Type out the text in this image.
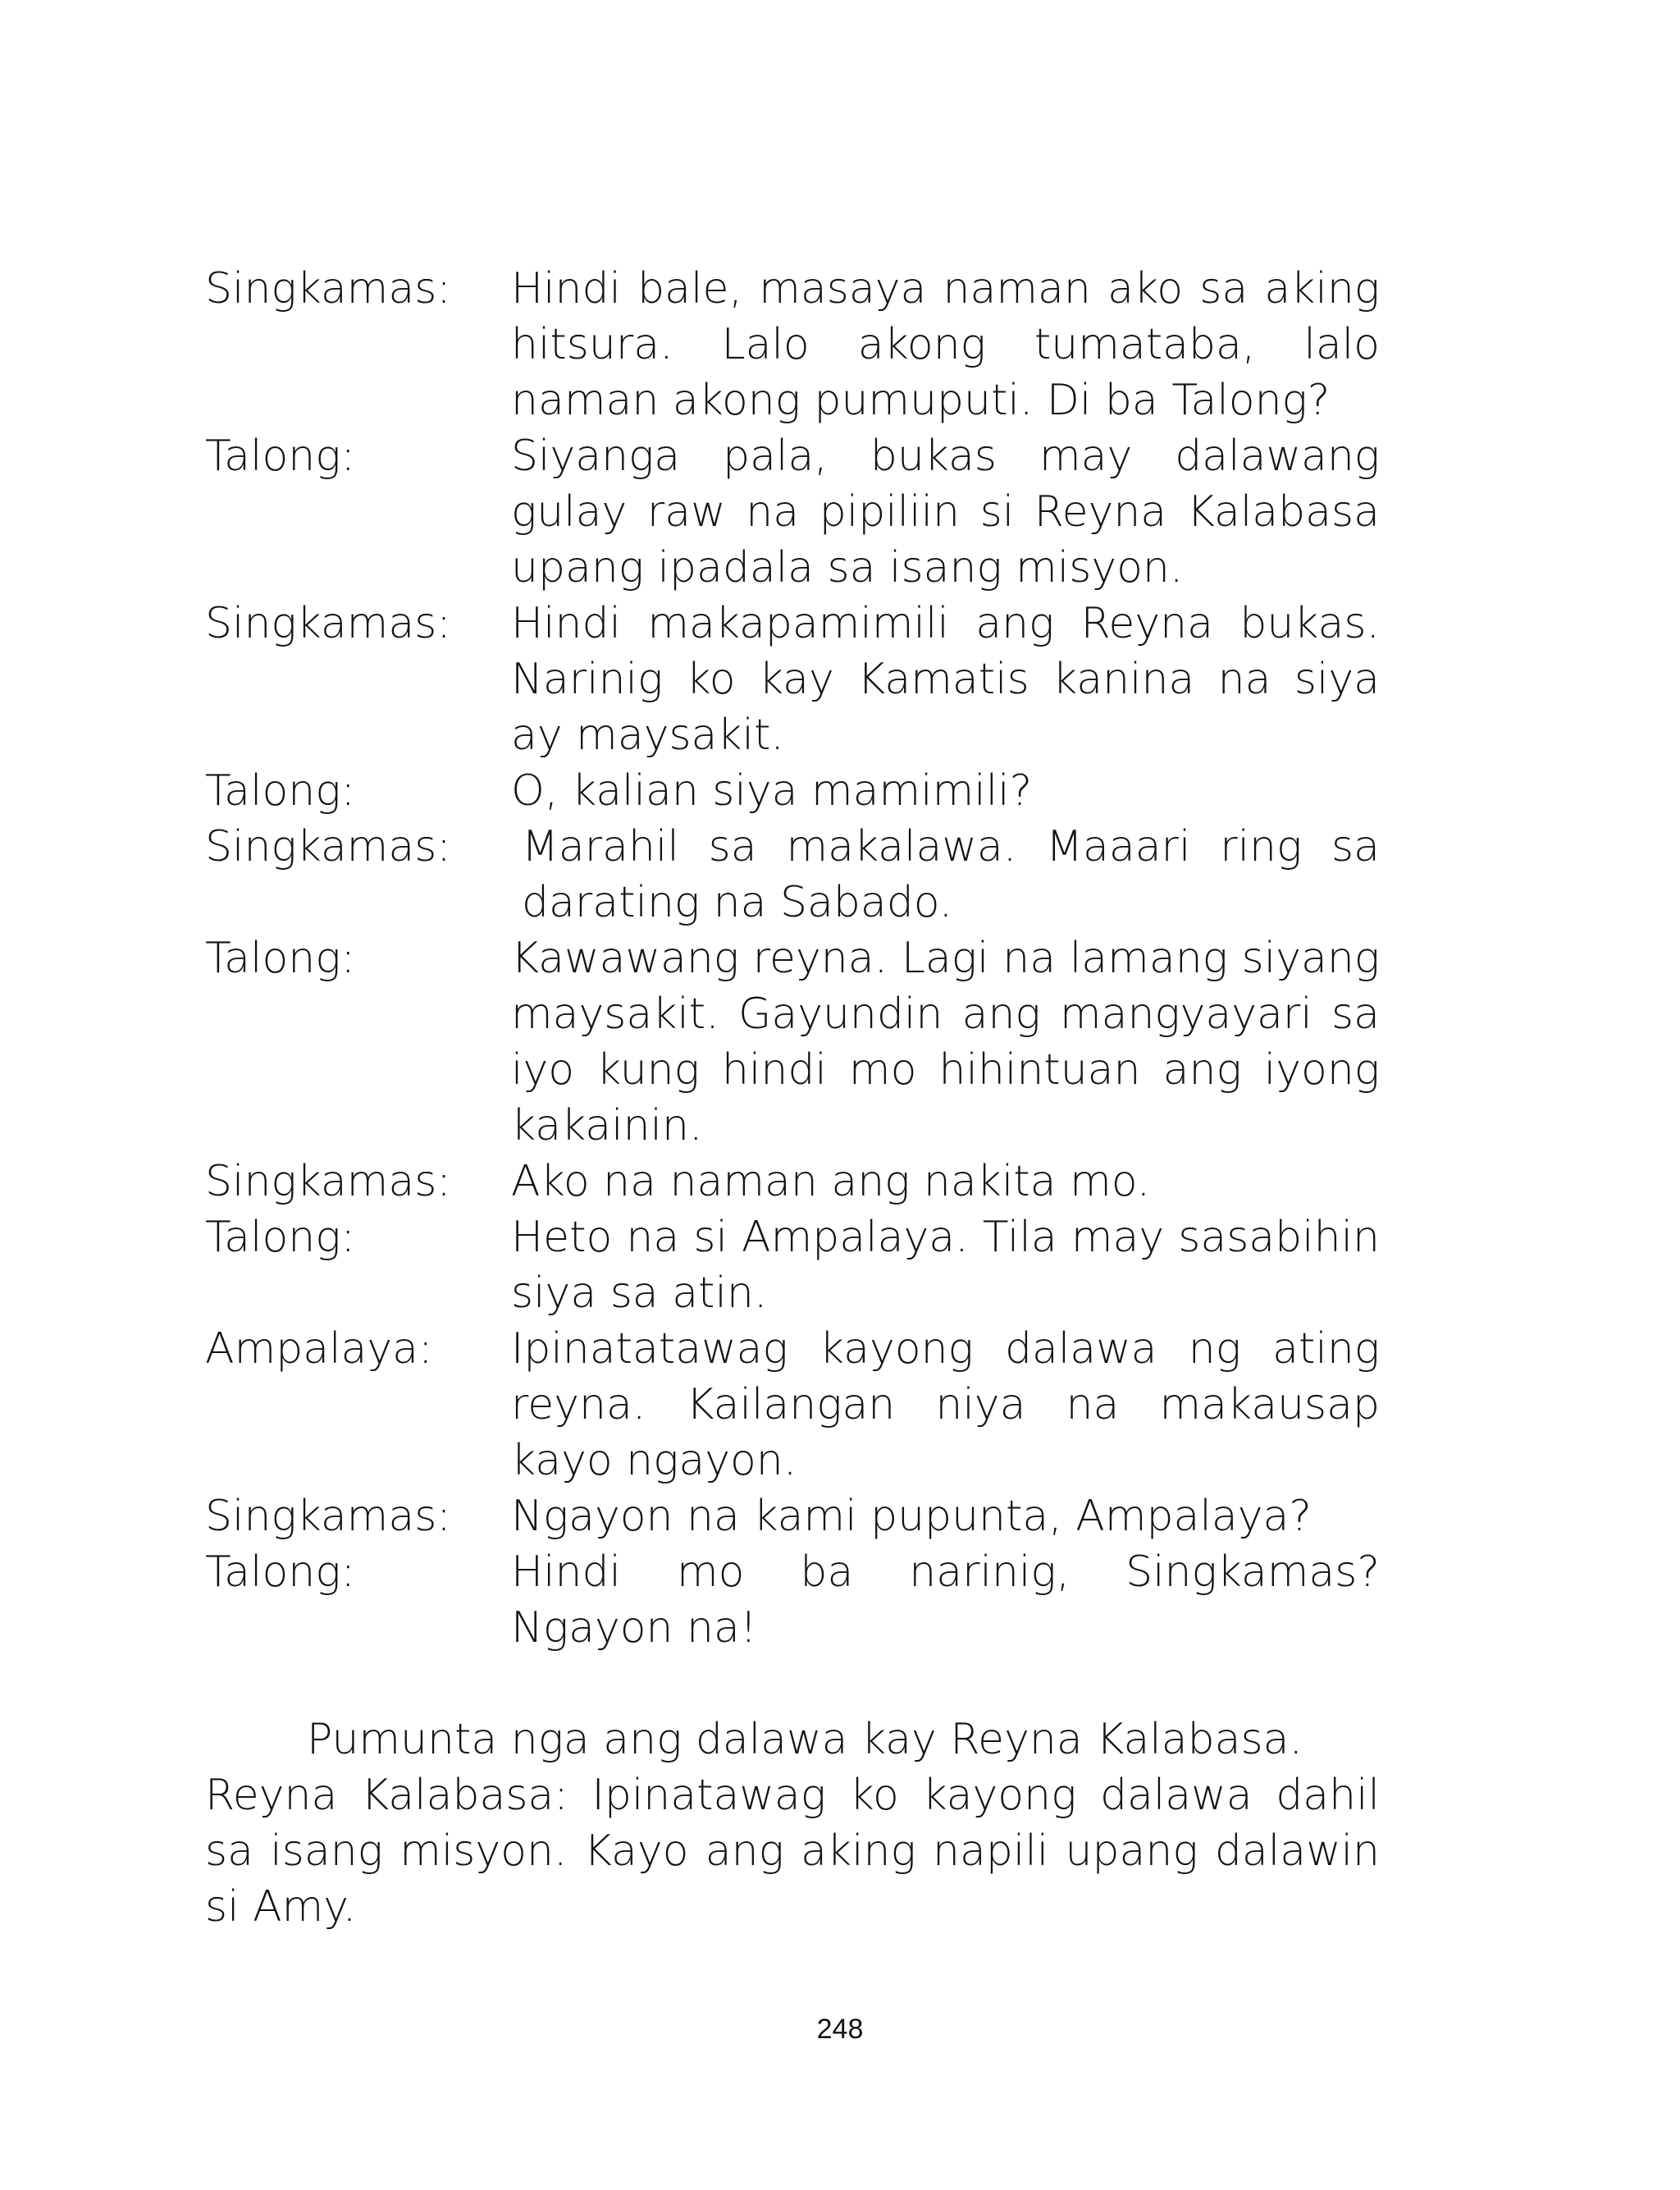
Singkamas:	Hindi bale, masaya naman ako sa aking hitsura. Lalo akong tumataba, lalo naman akong pumuputi. Di ba Talong?
Talong:	Siyanga pala, bukas may dalawang gulay raw na pipiliin si Reyna Kalabasa upang ipadala sa isang misyon.
Singkamas:	Hindi makapamimili ang Reyna bukas. Narinig ko kay Kamatis kanina na siya ay maysakit.
Talong:	O, kalian siya mamimili?
Singkamas:	Marahil sa makalawa. Maaari ring sa darating na Sabado.
Talong:	Kawawang reyna. Lagi na lamang siyang maysakit. Gayundin ang mangyayari sa iyo kung hindi mo hihintuan ang iyong kakainin.
Singkamas:	Ako na naman ang nakita mo.
Talong:	Heto na si Ampalaya. Tila may sasabihin siya sa atin.
Ampalaya:	Ipinatatawag kayong dalawa ng ating reyna. Kailangan niya na makausap kayo ngayon.
Singkamas:	Ngayon na kami pupunta, Ampalaya?
Talong:	Hindi mo ba narinig, Singkamas? Ngayon na!
Pumunta nga ang dalawa kay Reyna Kalabasa.
Reyna Kalabasa: Ipinatawag ko kayong dalawa dahil sa isang misyon. Kayo ang aking napili upang dalawin si Amy.
248
